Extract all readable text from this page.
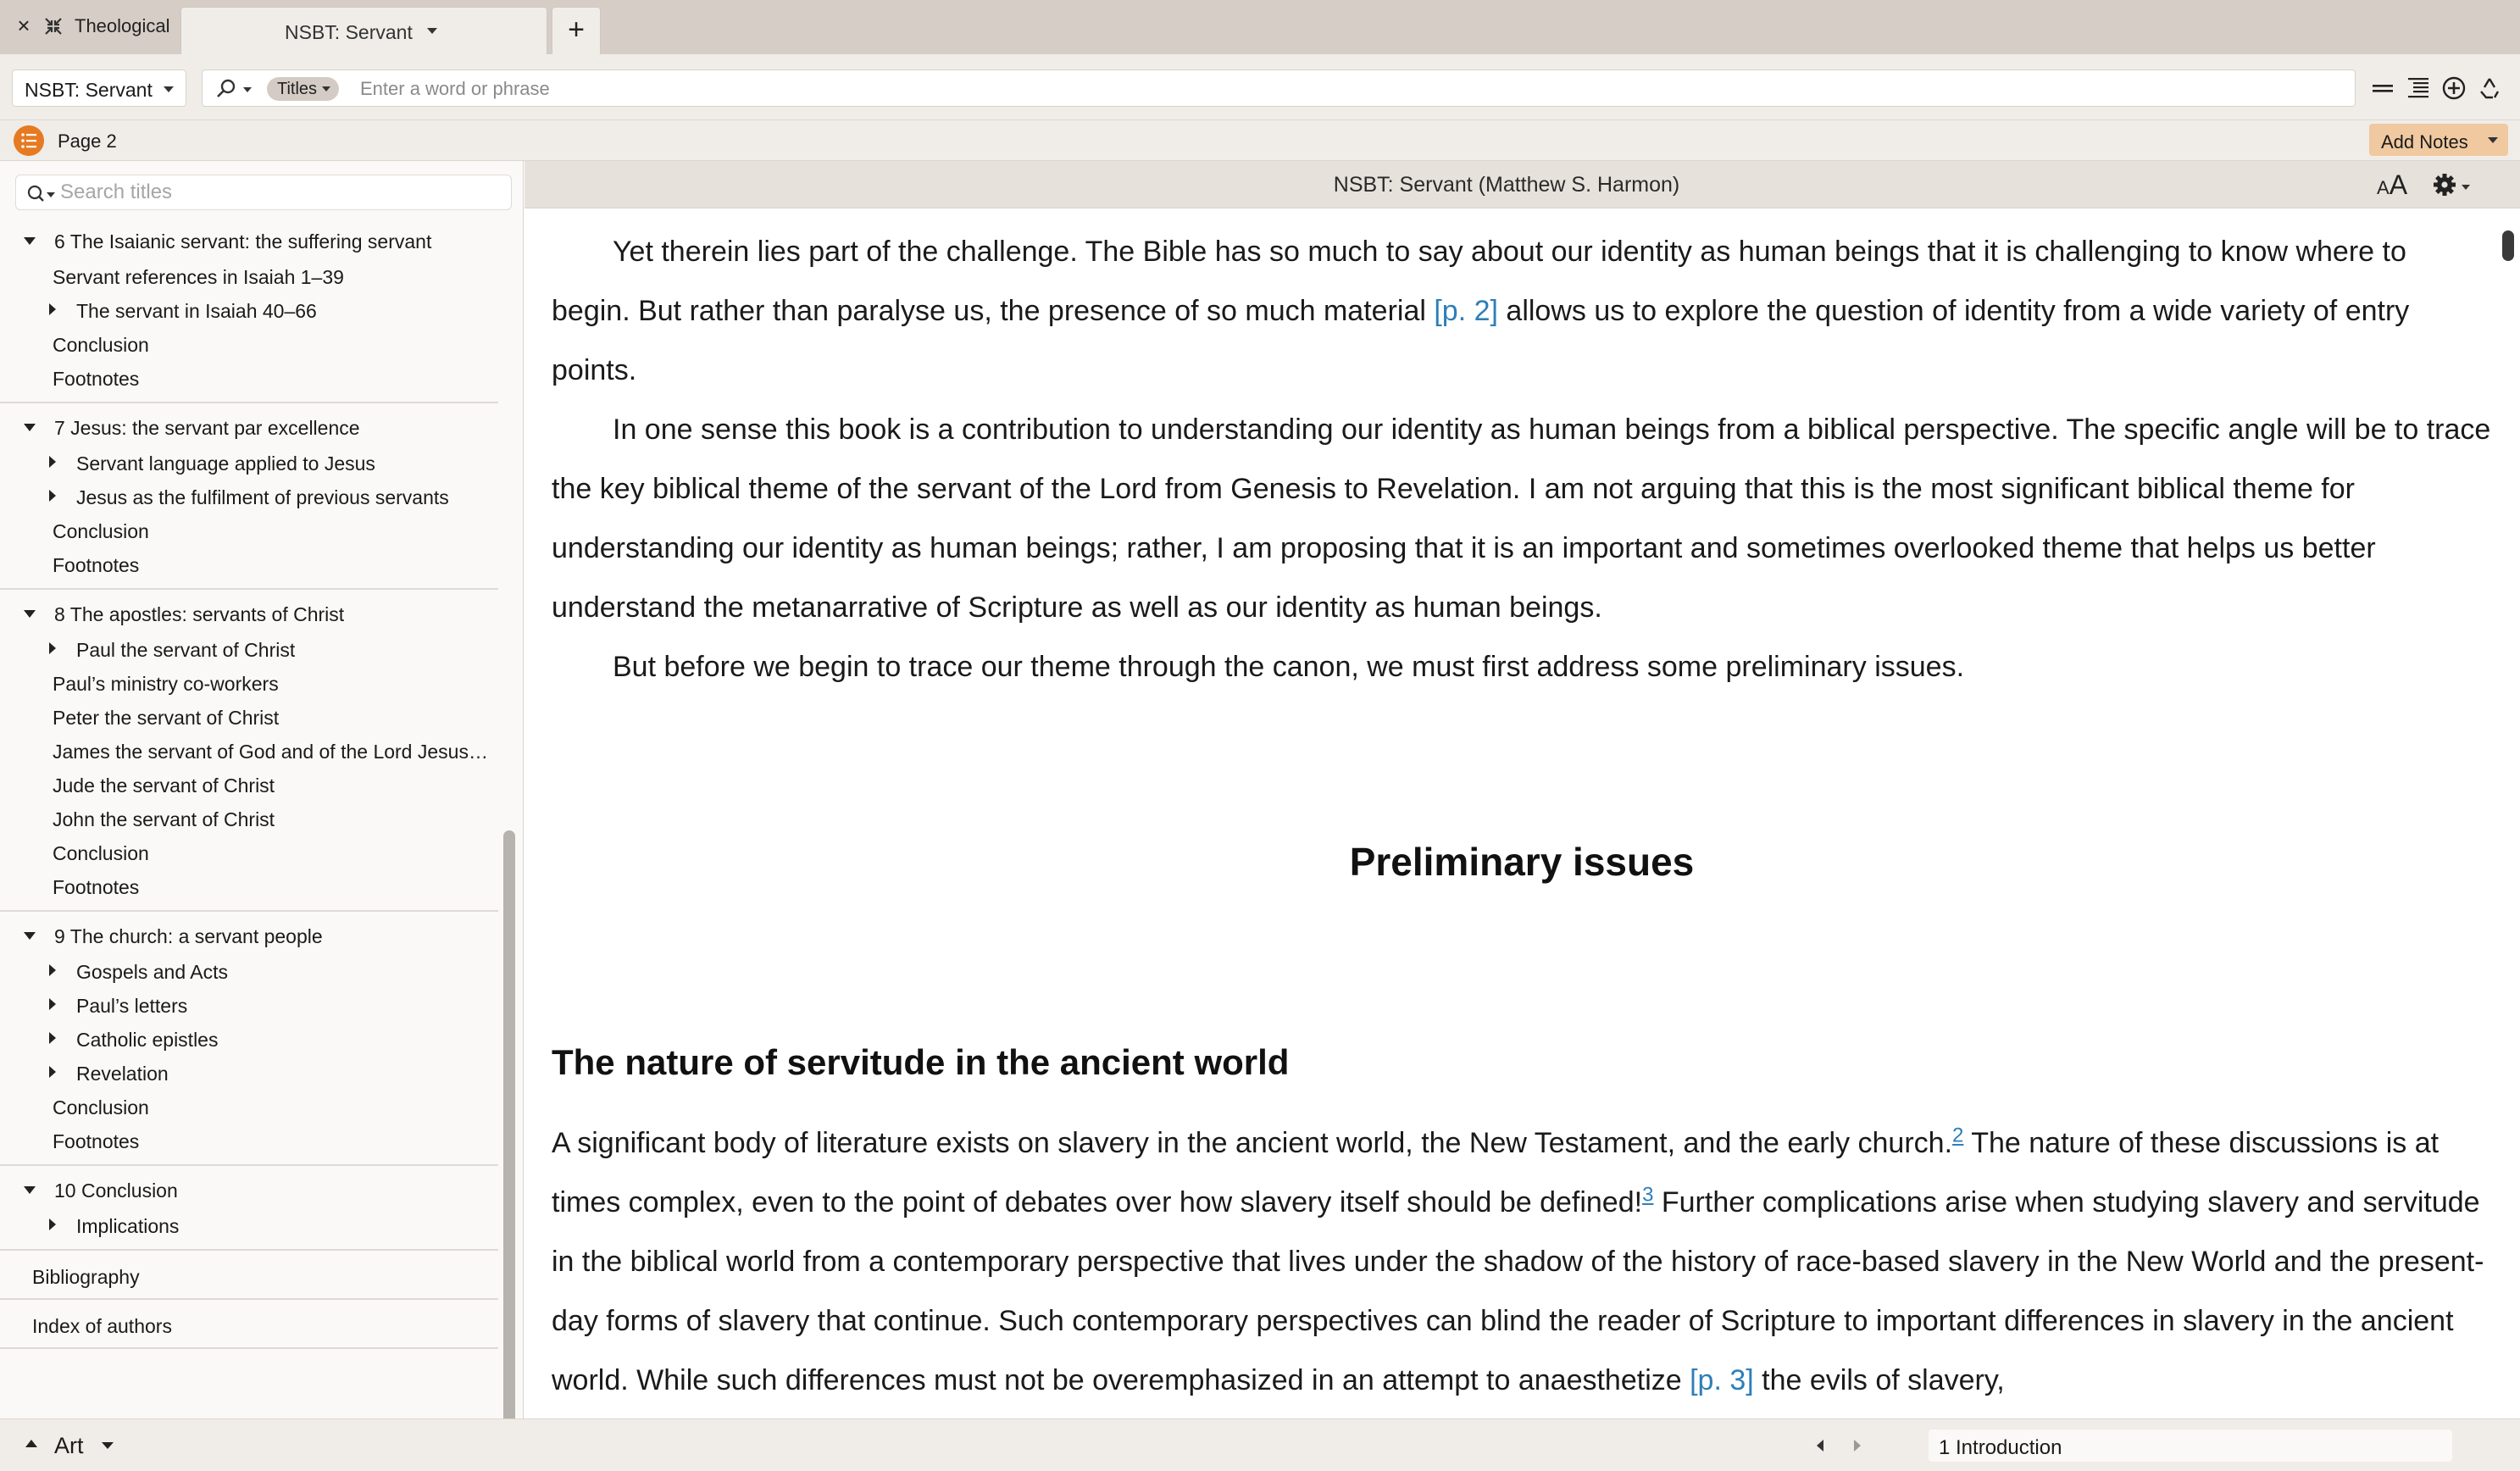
× Theological	NSBT: Servant	+
NSBT: Servant	Titles
Enter a word or phrase
Page 2	Add Notes
Search titles
6 The Isaianic servant: the suffering servant
Servant references in Isaiah 1–39
The servant in Isaiah 40–66
Conclusion
Footnotes
7 Jesus: the servant par excellence
Servant language applied to Jesus
Jesus as the fulfilment of previous servants
Conclusion
Footnotes
8 The apostles: servants of Christ
Paul the servant of Christ
Paul’s ministry co-workers
Peter the servant of Christ
James the servant of God and of the Lord Jesus…
Jude the servant of Christ
John the servant of Christ
Conclusion
Footnotes
9 The church: a servant people
Gospels and Acts
Paul’s letters
Catholic epistles
Revelation
Conclusion
Footnotes
10 Conclusion
Implications
Bibliography
Index of authors
NSBT: Servant (Matthew S. Harmon)	AA

Yet therein lies part of the challenge. The Bible has so much to say about our identity as human beings that it is challenging to know where to begin. But rather than paralyse us, the presence of so much material [p. 2] allows us to explore the question of identity from a wide variety of entry points.

In one sense this book is a contribution to understanding our identity as human beings from a biblical perspective. The specific angle will be to trace the key biblical theme of the servant of the Lord from Genesis to Revelation. I am not arguing that this is the most significant biblical theme for understanding our identity as human beings; rather, I am proposing that it is an important and sometimes overlooked theme that helps us better understand the metanarrative of Scripture as well as our identity as human beings.

But before we begin to trace our theme through the canon, we must first address some preliminary issues.

Preliminary issues
The nature of servitude in the ancient world

A significant body of literature exists on slavery in the ancient world, the New Testament, and the early church.$^2$ The nature of these discussions is at times complex, even to the point of debates over how slavery itself should be defined!$^3$ Further complications arise when studying slavery and servitude in the biblical world from a contemporary perspective that lives under the shadow of the history of race-based slavery in the New World and the present-day forms of slavery that continue. Such contemporary perspectives can blind the reader of Scripture to important differences in slavery in the ancient world. While such differences must not be overemphasized in an attempt to anaesthetize [p. 3] the evils of slavery,

Art	1 Introduction
